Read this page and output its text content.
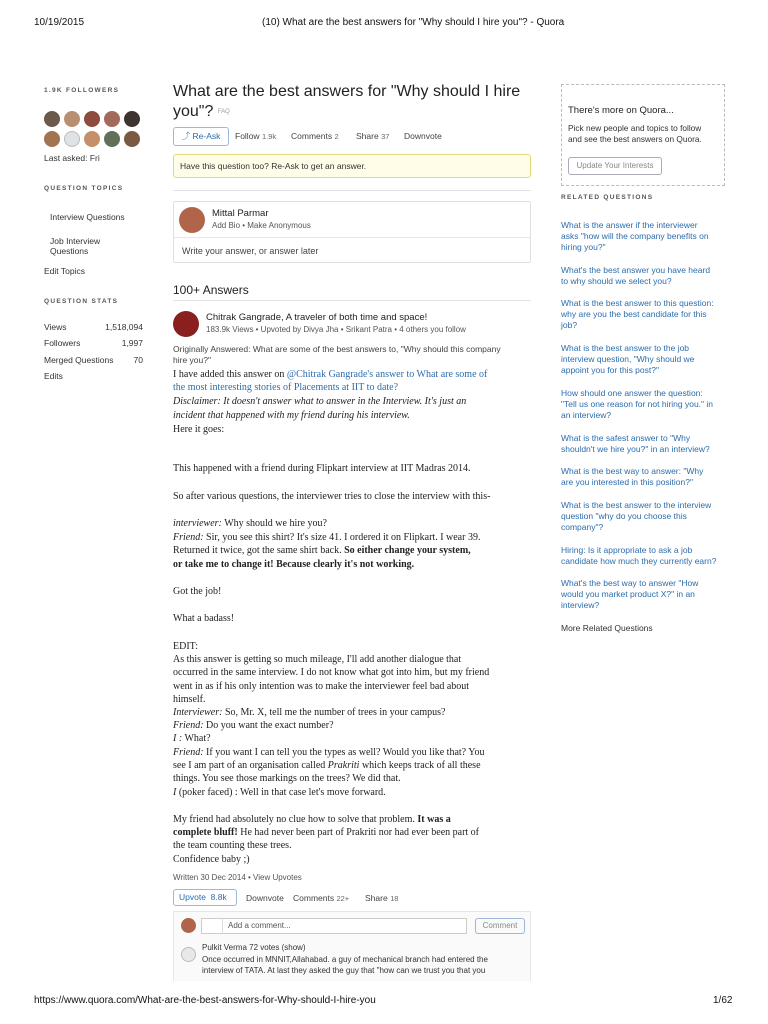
10/19/2015	(10) What are the best answers for "Why should I hire you"? - Quora
https://www.quora.com/What-are-the-best-answers-for-Why-should-I-hire-you	1/62
1.9K FOLLOWERS
Last asked: Fri
QUESTION TOPICS
Interview Questions
Job Interview Questions
Edit Topics
QUESTION STATS
Views	1,518,094
Followers	1,997
Merged Questions 70
Edits
What are the best answers for "Why should I hire you"? FAQ
⤴ Re-Ask	Follow 1.9k Comments 2 Share 37 Downvote
Have this question too? Re-Ask to get an answer.
Mittal Parmar
Add Bio • Make Anonymous
Write your answer, or answer later
100+ Answers
Chitrak Gangrade, A traveler of both time and space!
183.9k Views • Upvoted by Divya Jha • Srikant Patra • 4 others you follow
Originally Answered: What are some of the best answers to, "Why should this company
hire you?"
I have added this answer on @Chitrak Gangrade's answer to What are some of
the most interesting stories of Placements at IIT to date?
Disclaimer: It doesn't answer what to answer in the Interview. It's just an
incident that happened with my friend during his interview.
Here it goes:
This happened with a friend during Flipkart interview at IIT Madras 2014.
So after various questions, the interviewer tries to close the interview with this-
interviewer: Why should we hire you?
Friend: Sir, you see this shirt? It's size 41. I ordered it on Flipkart. I wear 39.
Returned it twice, got the same shirt back. So either change your system,
or take me to change it! Because clearly it's not working.
Got the job!
What a badass!
EDIT:
As this answer is getting so much mileage, I'll add another dialogue that
occurred in the same interview. I do not know what got into him, but my friend
went in as if his only intention was to make the interviewer feel bad about
himself.
Interviewer: So, Mr. X, tell me the number of trees in your campus?
Friend: Do you want the exact number?
I : What?
Friend: If you want I can tell you the types as well? Would you like that? You
see I am part of an organisation called Prakriti which keeps track of all these
things. You see those markings on the trees? We did that.
I (poker faced) : Well in that case let's move forward.
My friend had absolutely no clue how to solve that problem. It was a
complete bluff! He had never been part of Prakriti nor had ever been part of
the team counting these trees.
Confidence baby ;)
Written 30 Dec 2014 • View Upvotes
Upvote 8.8k	Downvote Comments 22+ Share 18
Add a comment...	Comment
Pulkit Verma 72 votes (show)
Once occurred in MNNIT,Allahabad. a guy of mechanical branch had entered the
interview of TATA. At last they asked the guy that "how can we trust you that you
There's more on Quora...
Pick new people and topics to follow
and see the best answers on Quora.
Update Your Interests
RELATED QUESTIONS
What is the answer if the interviewer
asks "how will the company benefits on
hiring you?"
What's the best answer you have heard
to why should we select you?
What is the best answer to this question:
why are you the best candidate for this
job?
What is the best answer to the job
interview question, "Why should we
appoint you for this post?"
How should one answer the question:
"Tell us one reason for not hiring you." in
an interview?
What is the safest answer to "Why
shouldn't we hire you?" in an interview?
What is the best way to answer: "Why
are you interested in this position?"
What is the best answer to the interview
question "why do you choose this
company"?
Hiring: Is it appropriate to ask a job
candidate how much they currently earn?
What's the best way to answer "How
would you market product X?" in an
interview?
More Related Questions
